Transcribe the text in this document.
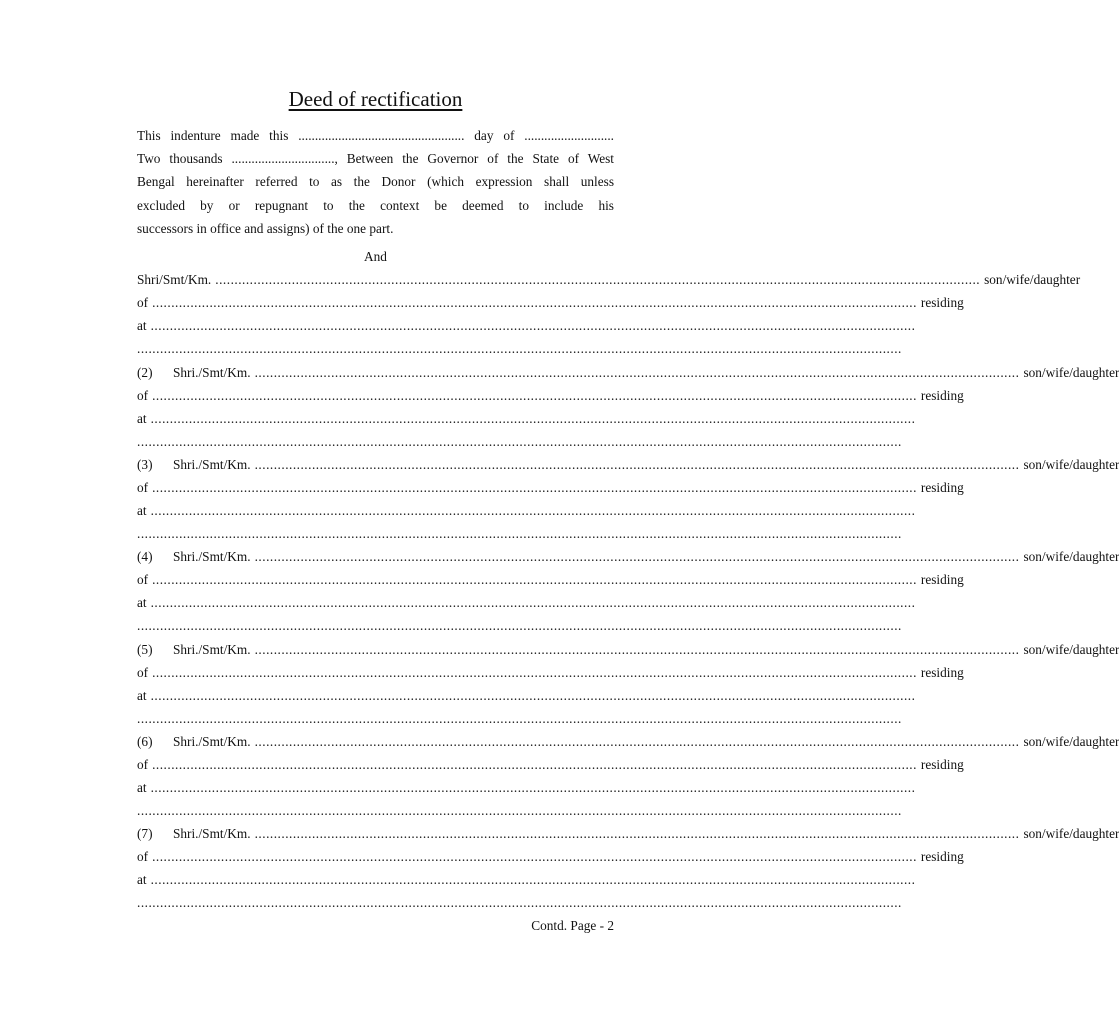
Deed of rectification
This indenture made this .................................................. day of ...........................
Two thousands ..............................., Between the Governor of the State of West
Bengal hereinafter referred to as the Donor (which expression shall unless
excluded by or repugnant to the context be deemed to include his
successors in office and assigns) of the one part.
And
Shri/Smt/Km. ........................................................................................................................................................................................................ son/wife/daughter
of ........................................................................................................................................................................................................ residing
at ........................................................................................................................................................................................................
........................................................................................................................................................................................................
(2) Shri./Smt/Km. ........................................................................................................................................................................................................ son/wife/daughter
of ........................................................................................................................................................................................................ residing
at ........................................................................................................................................................................................................
........................................................................................................................................................................................................
(3) Shri./Smt/Km. ........................................................................................................................................................................................................ son/wife/daughter
of ........................................................................................................................................................................................................ residing
at ........................................................................................................................................................................................................
........................................................................................................................................................................................................
(4) Shri./Smt/Km. ........................................................................................................................................................................................................ son/wife/daughter
of ........................................................................................................................................................................................................ residing
at ........................................................................................................................................................................................................
........................................................................................................................................................................................................
(5) Shri./Smt/Km. ........................................................................................................................................................................................................ son/wife/daughter
of ........................................................................................................................................................................................................ residing
at ........................................................................................................................................................................................................
........................................................................................................................................................................................................
(6) Shri./Smt/Km. ........................................................................................................................................................................................................ son/wife/daughter
of ........................................................................................................................................................................................................ residing
at ........................................................................................................................................................................................................
........................................................................................................................................................................................................
(7) Shri./Smt/Km. ........................................................................................................................................................................................................ son/wife/daughter
of ........................................................................................................................................................................................................ residing
at ........................................................................................................................................................................................................
........................................................................................................................................................................................................
Contd. Page - 2
